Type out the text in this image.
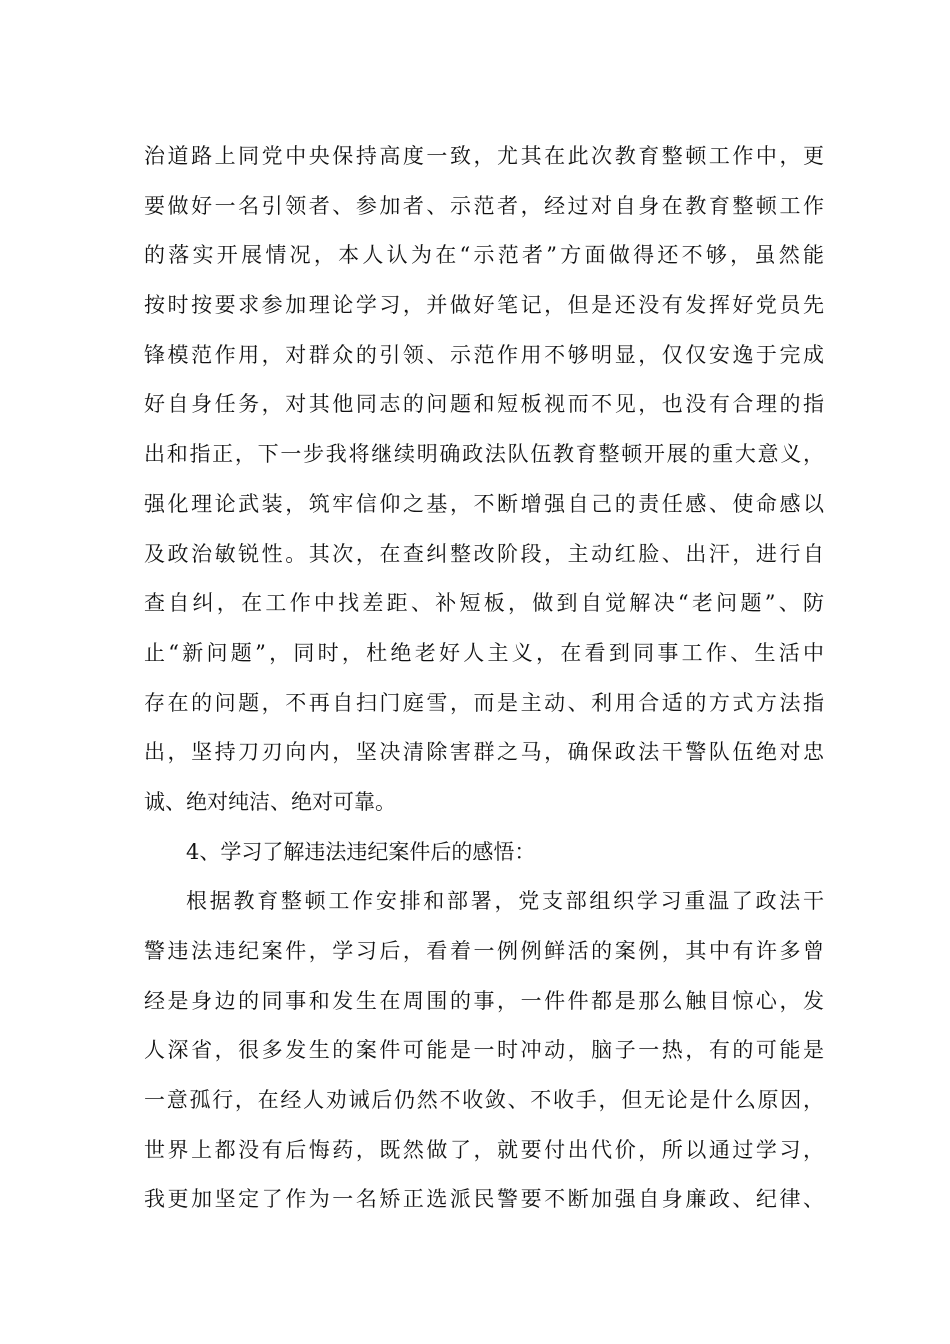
治道路上同党中央保持高度一致，尤其在此次教育整顿工作中，更
要做好一名引领者、参加者、示范者，经过对自身在教育整顿工作
的落实开展情况，本人认为在“示范者”方面做得还不够，虽然能
按时按要求参加理论学习，并做好笔记，但是还没有发挥好党员先
锋模范作用，对群众的引领、示范作用不够明显，仅仅安逸于完成
好自身任务，对其他同志的问题和短板视而不见，也没有合理的指
出和指正，下一步我将继续明确政法队伍教育整顿开展的重大意义，
强化理论武装，筑牢信仰之基，不断增强自己的责任感、使命感以
及政治敏锐性。其次，在查纠整改阶段，主动红脸、出汗，进行自
查自纠，在工作中找差距、补短板，做到自觉解决“老问题”、防
止“新问题”，同时，杜绝老好人主义，在看到同事工作、生活中
存在的问题，不再自扫门庭雪，而是主动、利用合适的方式方法指
出，坚持刀刃向内，坚决清除害群之马，确保政法干警队伍绝对忠
诚、绝对纯洁、绝对可靠。
4、学习了解违法违纪案件后的感悟：
根据教育整顿工作安排和部署，党支部组织学习重温了政法干
警违法违纪案件，学习后，看着一例例鲜活的案例，其中有许多曾
经是身边的同事和发生在周围的事，一件件都是那么触目惊心，发
人深省，很多发生的案件可能是一时冲动，脑子一热，有的可能是
一意孤行，在经人劝诫后仍然不收敛、不收手，但无论是什么原因，
世界上都没有后悔药，既然做了，就要付出代价，所以通过学习，
我更加坚定了作为一名矫正选派民警要不断加强自身廉政、纪律、
